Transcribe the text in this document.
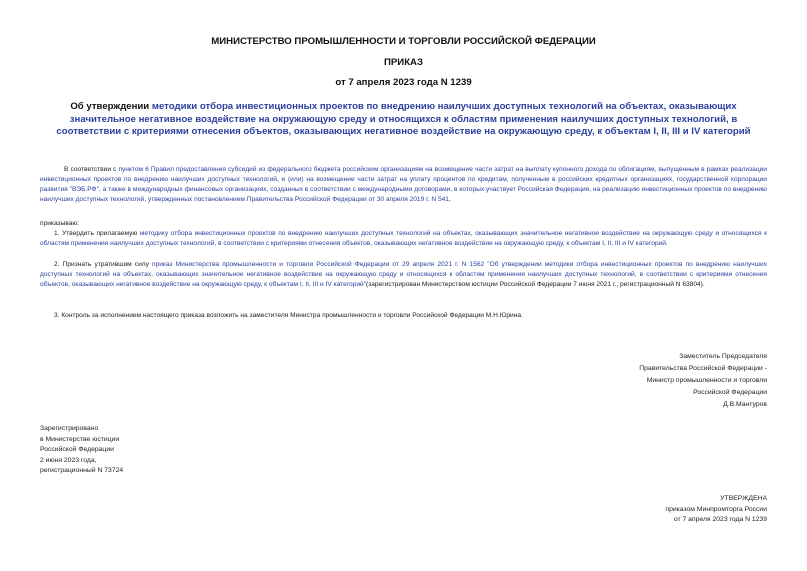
МИНИСТЕРСТВО ПРОМЫШЛЕННОСТИ И ТОРГОВЛИ РОССИЙСКОЙ ФЕДЕРАЦИИ
ПРИКАЗ
от 7 апреля 2023 года N 1239
Об утверждении методики отбора инвестиционных проектов по внедрению наилучших доступных технологий на объектах, оказывающих значительное негативное воздействие на окружающую среду и относящихся к областям применения наилучших доступных технологий, в соответствии с критериями отнесения объектов, оказывающих негативное воздействие на окружающую среду, к объектам I, II, III и IV категорий
В соответствии с пунктом 6 Правил предоставления субсидий из федерального бюджета российским организациям на возмещение части затрат на выплату купонного дохода по облигациям, выпущенным в рамках реализации инвестиционных проектов по внедрению наилучших доступных технологий, и (или) на возмещение части затрат на уплату процентов по кредитам, полученным в российских кредитных организациях, государственной корпорации развития "ВЭБ.РФ", а также в международных финансовых организациях, созданных в соответствии с международными договорами, в которых участвует Российская Федерация, на реализацию инвестиционных проектов по внедрению наилучших доступных технологий, утвержденных постановлением Правительства Российской Федерации от 30 апреля 2019 г. N 541,
приказываю:
1. Утвердить прилагаемую методику отбора инвестиционных проектов по внедрению наилучших доступных технологий на объектах, оказывающих значительное негативное воздействие на окружающую среду и относящихся к областям применения наилучших доступных технологий, в соответствии с критериями отнесения объектов, оказывающих негативное воздействие на окружающую среду, к объектам I, II, III и IV категорий.
2. Признать утратившим силу приказ Министерства промышленности и торговли Российской Федерации от 29 апреля 2021 г. N 1562 "Об утверждении методики отбора инвестиционных проектов по внедрению наилучших доступных технологий на объектах, оказывающих значительное негативное воздействие на окружающую среду и относящихся к областям применения наилучших доступных технологий, в соответствии с критериями отнесения объектов, оказывающих негативное воздействие на окружающую среду, к объектам I, II, III и IV категорий"(зарегистрирован Министерством юстиции Российской Федерации 7 июня 2021 г., регистрационный N 63804).
3. Контроль за исполнением настоящего приказа возложить на заместителя Министра промышленности и торговли Российской Федерации М.Н.Юрина.
Заместитель Председателя
Правительства Российской Федерации -
Министр промышленности и торговли
Российской Федерации
Д.В.Мантуров
Зарегистрировано
в Министерстве юстиции
Российской Федерации
2 июня 2023 года,
регистрационный N 73724
УТВЕРЖДЕНА
приказом Минпромторга России
от 7 апреля 2023 года N 1239
